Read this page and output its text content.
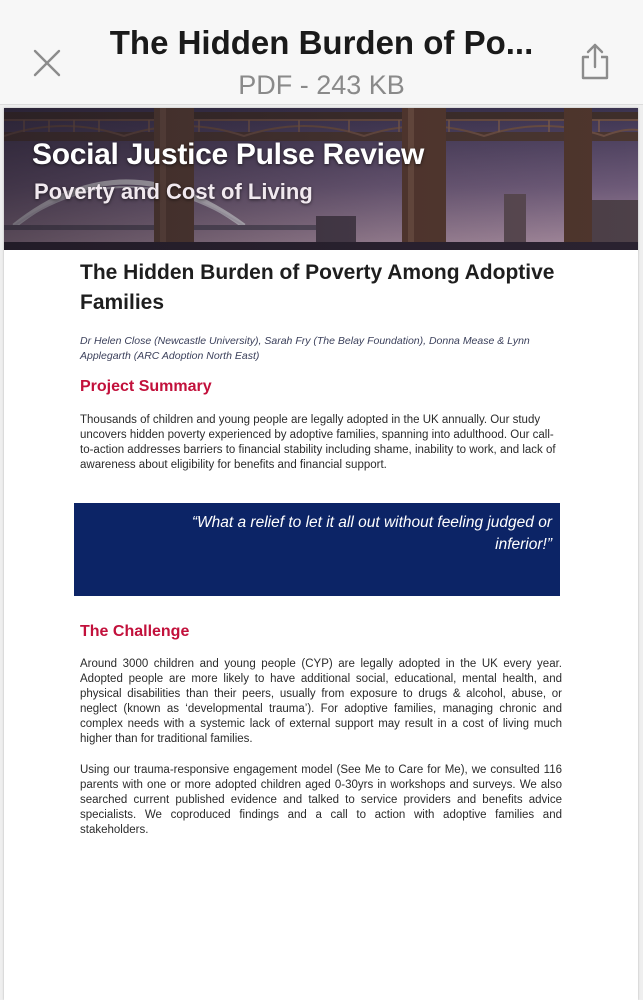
The Hidden Burden of Po...
PDF - 243 KB
Social Justice Pulse Review
Poverty and Cost of Living
The Hidden Burden of Poverty Among Adoptive Families
Dr Helen Close (Newcastle University), Sarah Fry (The Belay Foundation), Donna Mease & Lynn Applegarth (ARC Adoption North East)
Project Summary
Thousands of children and young people are legally adopted in the UK annually. Our study uncovers hidden poverty experienced by adoptive families, spanning into adulthood. Our call-to-action addresses barriers to financial stability including shame, inability to work, and lack of awareness about eligibility for benefits and financial support.
“What a relief to let it all out without feeling judged or inferior!”
The Challenge
Around 3000 children and young people (CYP) are legally adopted in the UK every year. Adopted people are more likely to have additional social, educational, mental health, and physical disabilities than their peers, usually from exposure to drugs & alcohol, abuse, or neglect (known as ‘developmental trauma’). For adoptive families, managing chronic and complex needs with a systemic lack of external support may result in a cost of living much higher than for traditional families.
Using our trauma-responsive engagement model (See Me to Care for Me), we consulted 116 parents with one or more adopted children aged 0-30yrs in workshops and surveys. We also searched current published evidence and talked to service providers and benefits advice specialists. We coproduced findings and a call to action with adoptive families and stakeholders.
